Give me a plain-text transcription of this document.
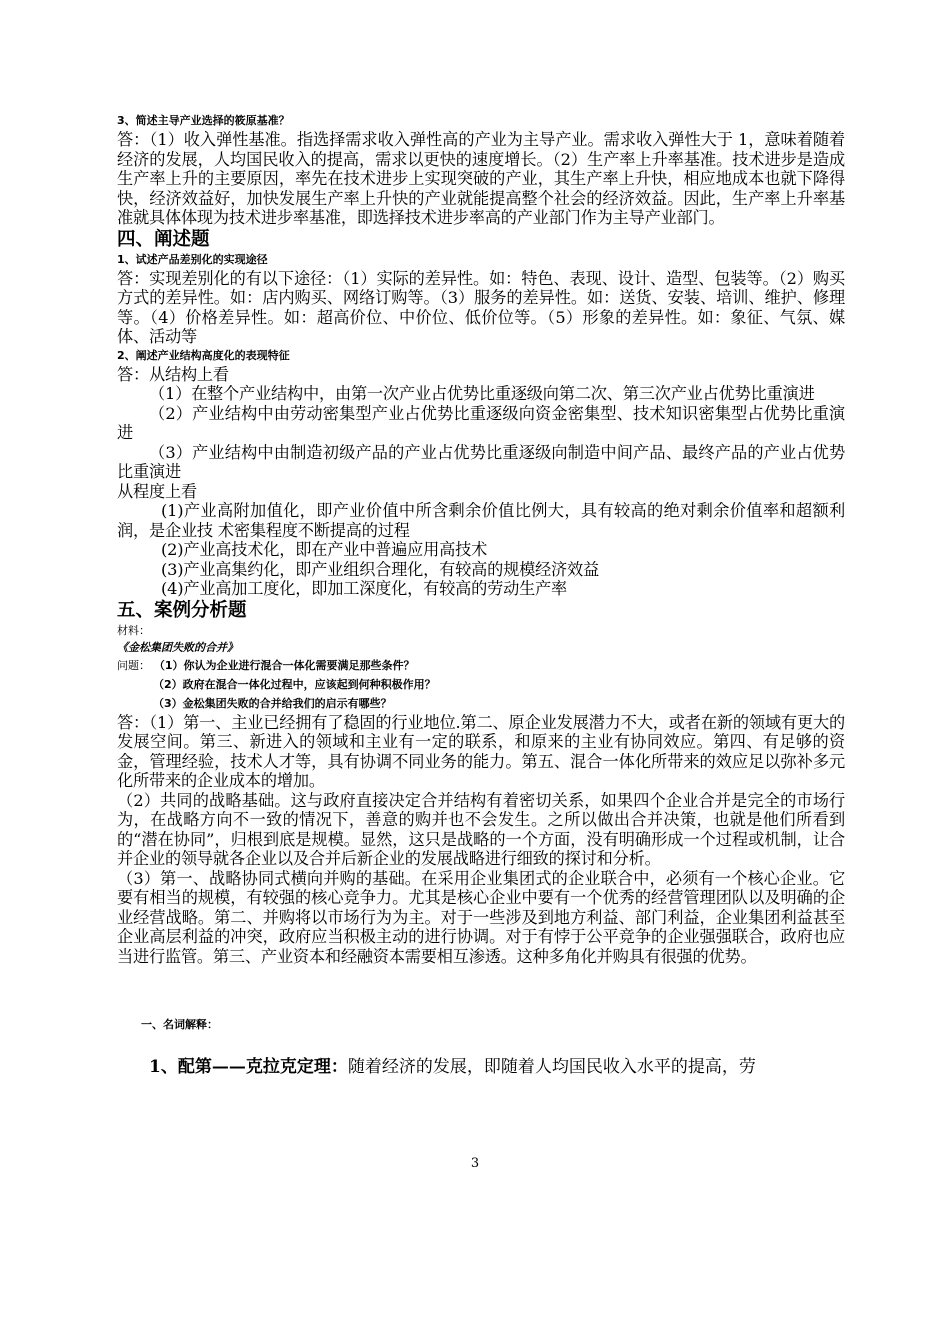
3、简述主导产业选择的筱原基准？
答：（1）收入弹性基准。指选择需求收入弹性高的产业为主导产业。需求收入弹性大于 1，意味着随着经济的发展，人均国民收入的提高，需求以更快的速度增长。（2）生产率上升率基准。技术进步是造成生产率上升的主要原因，率先在技术进步上实现突破的产业，其生产率上升快，相应地成本也就下降得快，经济效益好，加快发展生产率上升快的产业就能提高整个社会的经济效益。因此，生产率上升率基准就具体体现为技术进步率基准，即选择技术进步率高的产业部门作为主导产业部门。
四、阐述题
1、试述产品差别化的实现途径
答：实现差别化的有以下途径：（1）实际的差异性。如：特色、表现、设计、造型、包装等。（2）购买方式的差异性。如：店内购买、网络订购等。（3）服务的差异性。如：送货、安装、培训、维护、修理等。（4）价格差异性。如：超高价位、中价位、低价位等。（5）形象的差异性。如：象征、气氛、媒体、活动等
2、阐述产业结构高度化的表现特征
答：从结构上看
（1）在整个产业结构中，由第一次产业占优势比重逐级向第二次、第三次产业占优势比重演进
（2）产业结构中由劳动密集型产业占优势比重逐级向资金密集型、技术知识密集型占优势比重演进
（3）产业结构中由制造初级产品的产业占优势比重逐级向制造中间产品、最终产品的产业占优势比重演进
从程度上看
(1)产业高附加值化，即产业价值中所含剩余价值比例大，具有较高的绝对剩余价值率和超额利润，是企业技 术密集程度不断提高的过程
(2)产业高技术化，即在产业中普遍应用高技术
(3)产业高集约化，即产业组织合理化，有较高的规模经济效益
(4)产业高加工度化，即加工深度化，有较高的劳动生产率
五、案例分析题
材料：
《金松集团失败的合并》
问题： （1）你认为企业进行混合一体化需要满足那些条件？
（2）政府在混合一体化过程中，应该起到何种积极作用？
（3）金松集团失败的合并给我们的启示有哪些？
答：（1）第一、主业已经拥有了稳固的行业地位.第二、原企业发展潜力不大，或者在新的领域有更大的发展空间。第三、新进入的领域和主业有一定的联系，和原来的主业有协同效应。第四、有足够的资金，管理经验，技术人才等，具有协调不同业务的能力。第五、混合一体化所带来的效应足以弥补多元化所带来的企业成本的增加。
（2）共同的战略基础。这与政府直接决定合并结构有着密切关系，如果四个企业合并是完全的市场行为，在战略方向不一致的情况下，善意的购并也不会发生。之所以做出合并决策，也就是他们所看到的“潜在协同”，归根到底是规模。显然，这只是战略的一个方面，没有明确形成一个过程或机制，让合并企业的领导就各企业以及合并后新企业的发展战略进行细致的探讨和分析。
（3）第一、战略协同式横向并购的基础。在采用企业集团式的企业联合中，必须有一个核心企业。它要有相当的规模，有较强的核心竞争力。尤其是核心企业中要有一个优秀的经营管理团队以及明确的企业经营战略。第二、并购将以市场行为为主。对于一些涉及到地方利益、部门利益，企业集团利益甚至企业高层利益的冲突，政府应当积极主动的进行协调。对于有悖于公平竞争的企业强强联合，政府也应当进行监管。第三、产业资本和经融资本需要相互渗透。这种多角化并购具有很强的优势。
一、名词解释：
1、配第——克拉克定理：随着经济的发展，即随着人均国民收入水平的提高，劳
3
